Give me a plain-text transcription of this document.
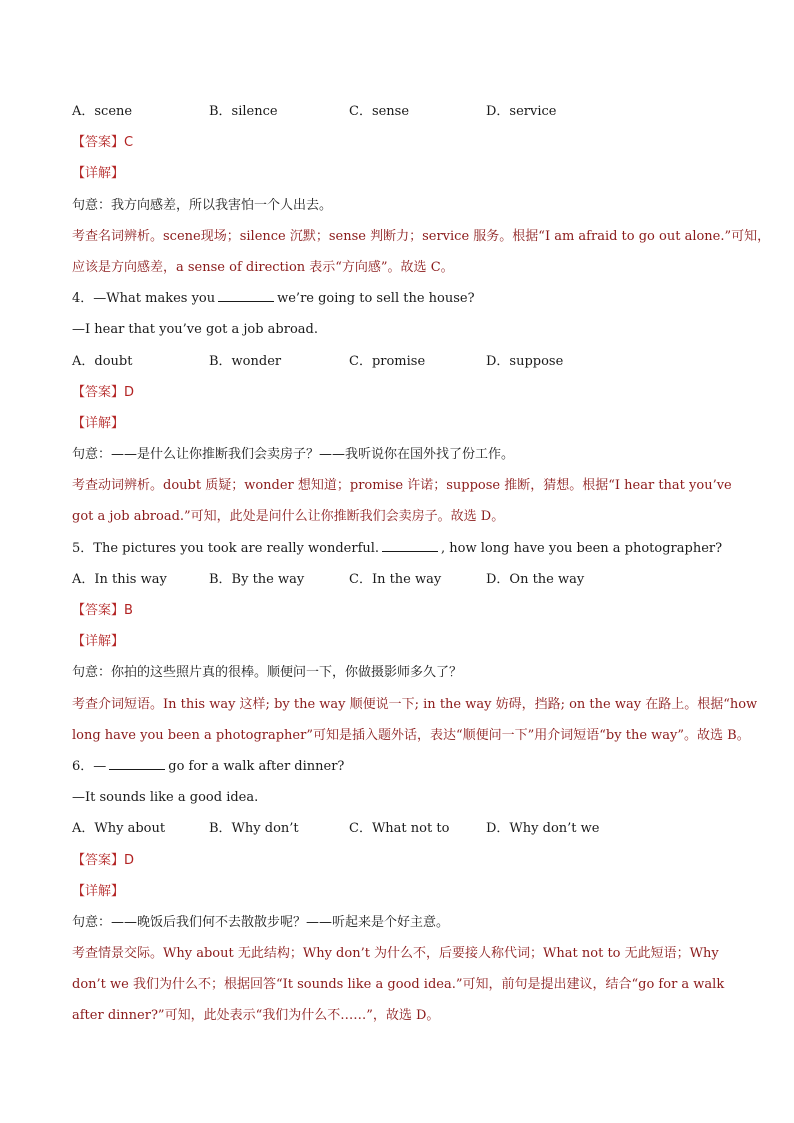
A．scene	B．silence	C．sense	D．service
【答案】C
【详解】
句意：我方向感差，所以我害怕一个人出去。
考查名词辨析。scene现场；silence 沉默；sense 判断力；service 服务。根据“I am afraid to go out alone.”可知，
应该是方向感差，a sense of direction 表示“方向感”。故选 C。
4．—What makes you	we’re going to sell the house?
—I hear that you’ve got a job abroad.
A．doubt	B．wonder	C．promise	D．suppose
【答案】D
【详解】
句意：——是什么让你推断我们会卖房子？——我听说你在国外找了份工作。
考查动词辨析。doubt 质疑；wonder 想知道；promise 许诺；suppose 推断，猜想。根据“I hear that you’ve
got a job abroad.”可知，此处是问什么让你推断我们会卖房子。故选 D。
5．The pictures you took are really wonderful.	, how long have you been a photographer?
A．In this way	B．By the way	C．In the way	D．On the way
【答案】B
【详解】
句意：你拍的这些照片真的很棒。顺便问一下，你做摄影师多久了？
考查介词短语。In this way 这样; by the way 顺便说一下; in the way 妨碍，挡路; on the way 在路上。根据“how
long have you been a photographer”可知是插入题外话，表达“顺便问一下”用介词短语“by the way”。故选 B。
6．—	go for a walk after dinner?
—It sounds like a good idea.
A．Why about	B．Why don’t	C．What not to	D．Why don’t we
【答案】D
【详解】
句意：——晚饭后我们何不去散散步呢？——听起来是个好主意。
考查情景交际。Why about 无此结构；Why don’t 为什么不，后要接人称代词；What not to 无此短语；Why
don’t we 我们为什么不；根据回答“It sounds like a good idea.”可知，前句是提出建议，结合“go for a walk
after dinner?”可知，此处表示“我们为什么不……”，故选 D。
